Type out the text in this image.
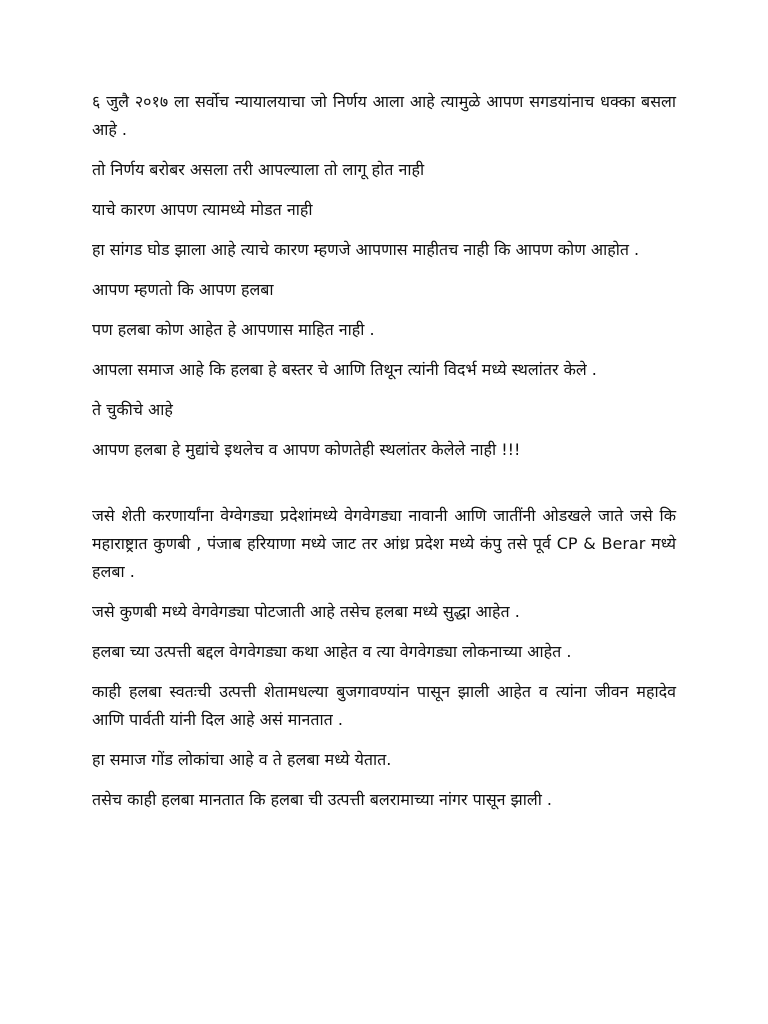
६ जुलै २०१७ ला सर्वोच न्यायालयाचा जो निर्णय आला आहे त्यामुळे आपण सगडयांनाच धक्का बसला आहे .

तो निर्णय बरोबर असला तरी आपल्याला तो लागू होत नाही

याचे कारण आपण त्यामध्ये मोडत नाही

हा सांगड घोड झाला आहे त्याचे कारण म्हणजे आपणास माहीतच नाही कि आपण कोण आहोत .

आपण म्हणतो कि आपण हलबा

पण हलबा कोण आहेत हे आपणास माहित नाही .

आपला समाज आहे कि हलबा हे बस्तर चे आणि तिथून त्यांनी विदर्भ मध्ये स्थलांतर केले .

ते चुकीचे आहे

आपण हलबा हे मुद्यांचे इथलेच व आपण कोणतेही स्थलांतर केलेले नाही !!!

जसे शेती करणार्यांना वेग्वेगड्या प्रदेशांमध्ये वेगवेगड्या नावानी आणि जातींनी ओडखले जाते जसे कि महाराष्ट्रात कुणबी , पंजाब हरियाणा मध्ये जाट तर आंध्र प्रदेश मध्ये कंपु तसे पूर्व CP & Berar मध्ये हलबा .

जसे कुणबी मध्ये वेगवेगड्या पोटजाती आहे तसेच हलबा मध्ये सुद्धा आहेत .

हलबा च्या उत्पत्ती बद्दल वेगवेगड्या कथा आहेत व त्या वेगवेगड्या लोकनाच्या आहेत .

काही हलबा स्वतःची उत्पत्ती शेतामधल्या बुजगावण्यांन पासून झाली आहेत व त्यांना जीवन महादेव आणि पार्वती यांनी दिल आहे असं मानतात .

हा समाज गोंड लोकांचा आहे व ते हलबा मध्ये येतात.

तसेच काही हलबा मानतात कि हलबा ची उत्पत्ती बलरामाच्या नांगर पासून झाली .
